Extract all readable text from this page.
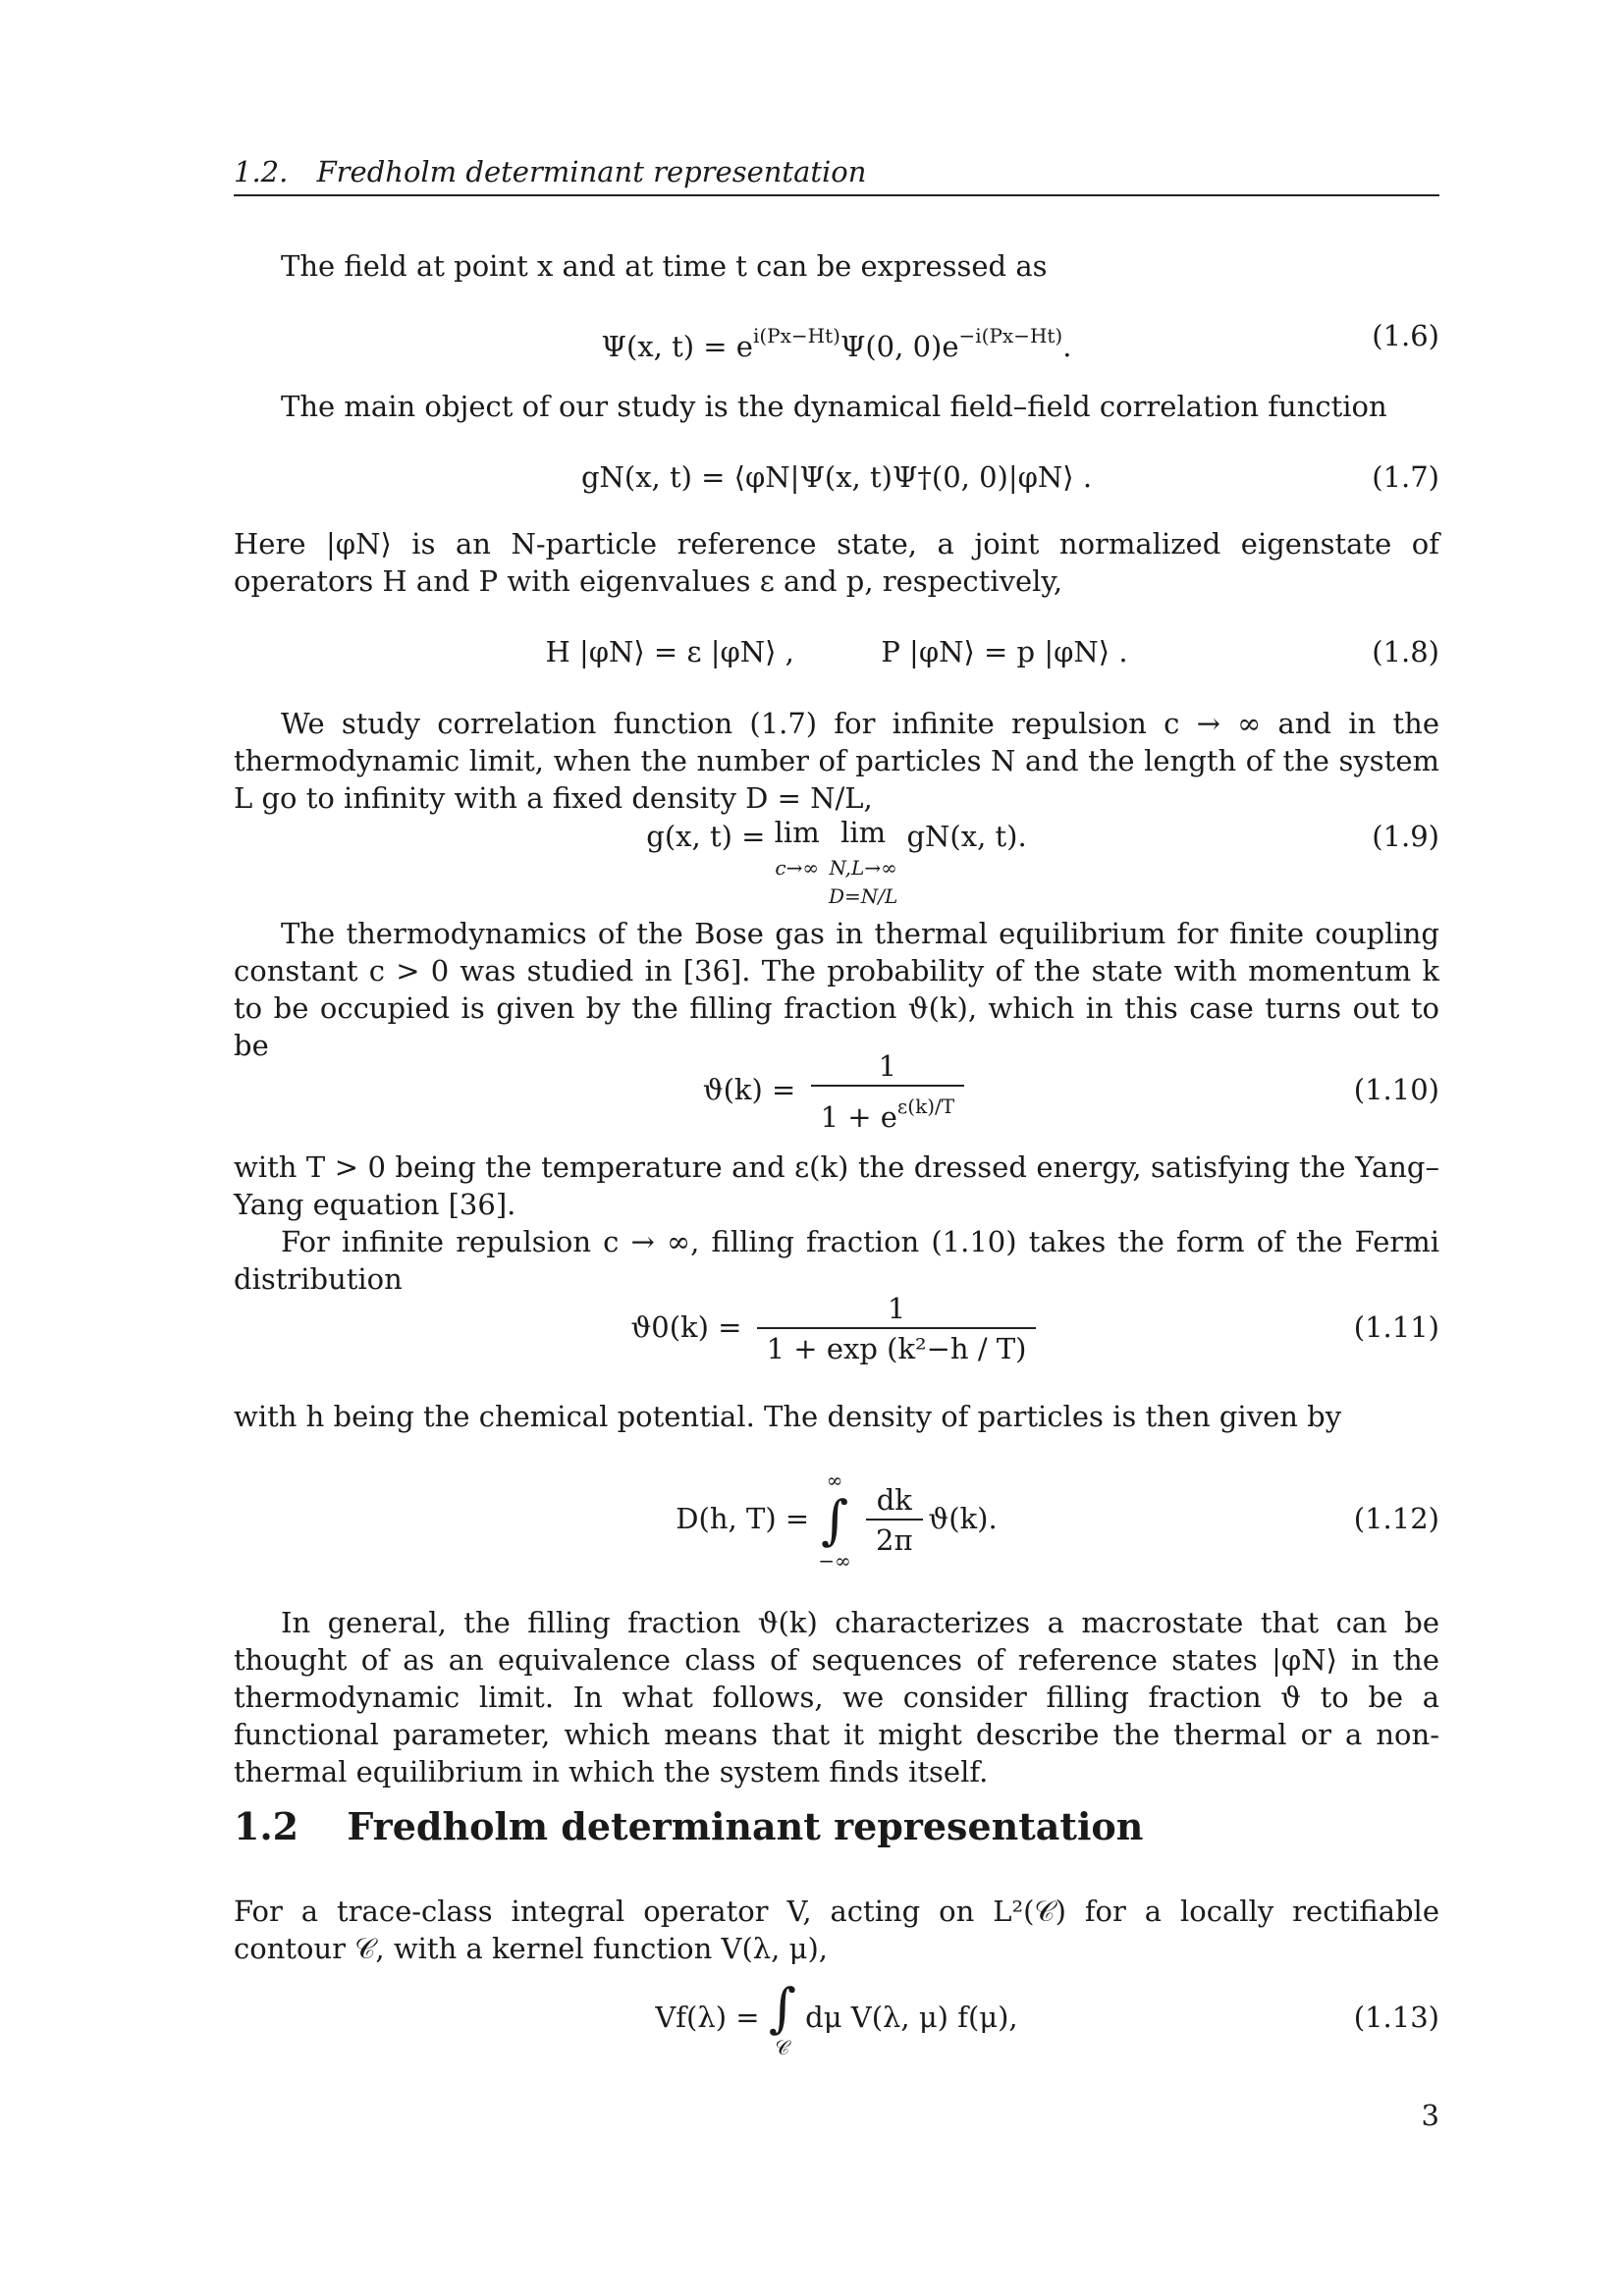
1.2. Fredholm determinant representation
The field at point x and at time t can be expressed as
Ψ(x, $t) = e^{i(Px-Ht)}\Psi(0$, $0)e^{-i(Px-Ht)}$.	(1.6)
The main object of our study is the dynamical field–field correlation function
gN(x, t) = ⟨φN|Ψ(x, t)Ψ†(0, 0)|φN⟩ .	(1.7)
Here |φN⟩ is an N-particle reference state, a joint normalized eigenstate of operators H and P with eigenvalues ε and p, respectively,
H |φN⟩ = ε |φN⟩ ,	P |φN⟩ = p |φN⟩ .	(1.8)
We study correlation function (1.7) for infinite repulsion c → ∞ and in the thermodynamic limit, when the number of particles N and the length of the system L go to infinity with a fixed density D = N/L,
g(x, t) = lim
c→∞ lim
N,L→∞
D=N/L gN(x, t).	(1.9)
The thermodynamics of the Bose gas in thermal equilibrium for finite coupling constant c > 0 was studied in [36]. The probability of the state with momentum k to be occupied is given by the filling fraction ϑ(k), which in this case turns out to be
$ϑ(k) = \frac{1}{1 + e^{\varepsilon(k)/T}}$	(1.10)
with T > 0 being the temperature and ε(k) the dressed energy, satisfying the Yang–Yang equation [36].
For infinite repulsion c → ∞, filling fraction (1.10) takes the form of the Fermi distribution
$ϑ0(k) = \frac{1}{\text{1 + exp (k²−h / T)}}$	(1.11)
with h being the chemical potential. The density of particles is then given by
D(h, T) =
∞
∫
−∞

$\frac{dk}{2\pi} ϑ(k)$.	(1.12)
In general, the filling fraction ϑ(k) characterizes a macrostate that can be thought of as an equivalence class of sequences of reference states |φN⟩ in the thermodynamic limit. In what follows, we consider filling fraction ϑ to be a functional parameter, which means that it might describe the thermal or a non-thermal equilibrium in which the system finds itself.
1.2 Fredholm determinant representation
For a trace-class integral operator V, acting on L²(𝒞) for a locally rectifiable contour 𝒞, with a kernel function V(λ, μ),
Vf(λ) = ∫
𝒞
dμ V(λ, μ) f(μ),	(1.13)
3
